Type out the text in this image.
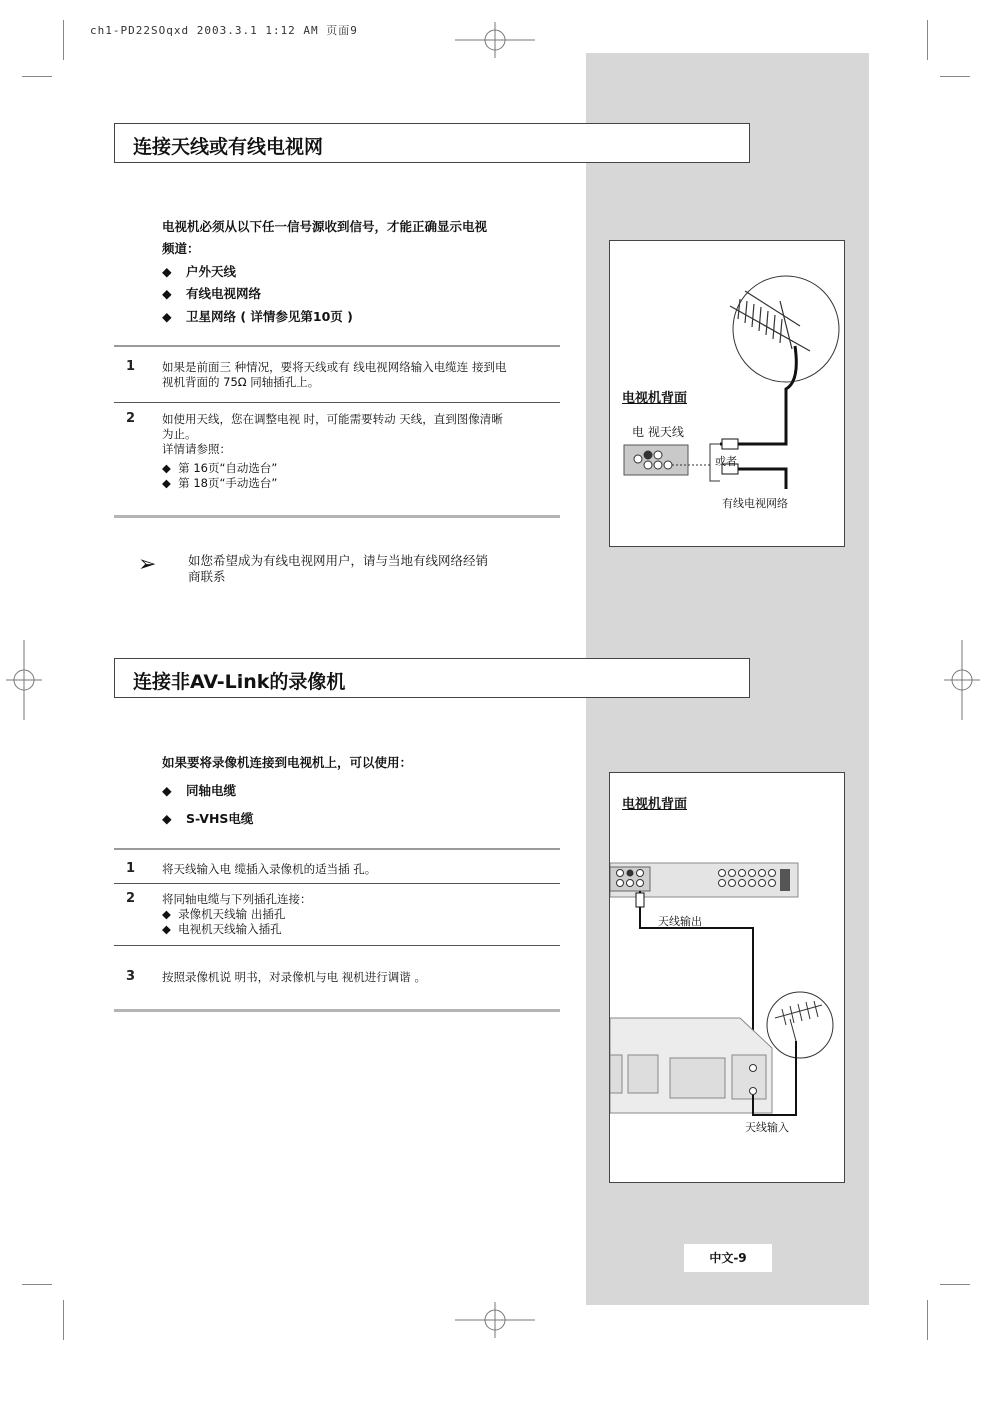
ch1-PD22SOqxd 2003.3.1 1:12 AM 页面9
连接天线或有线电视网
电视机必须从以下任一信号源收到信号，才能正确显示电视
频道：
◆ 户外天线
◆ 有线电视网络
◆ 卫星网络 ( 详情参见第10页 )
1 如果是前面三 种情况，要将天线或有 线电视网络输入电缆连 接到电
视机背面的 75Ω 同轴插孔上。
2 如使用天线，您在调整电视 时，可能需要转动 天线，直到图像清晰
为止。
详情请参照：
◆ 第 16页“自动选台”
◆ 第 18页“手动选台”
➢	如您希望成为有线电视网用户，请与当地有线网络经销
商联系
电视机背面
电 视天线
或者
有线电视网络
连接非AV-Link的录像机
如果要将录像机连接到电视机上，可以使用：
◆ 同轴电缆
◆ S-VHS电缆
1 将天线输入电 缆插入录像机的适当插 孔。
2 将同轴电缆与下列插孔连接：
◆ 录像机天线输 出插孔
◆ 电视机天线输入插孔
3 按照录像机说 明书，对录像机与电 视机进行调谐 。
电视机背面
天线输出
天线输入
中文-9
